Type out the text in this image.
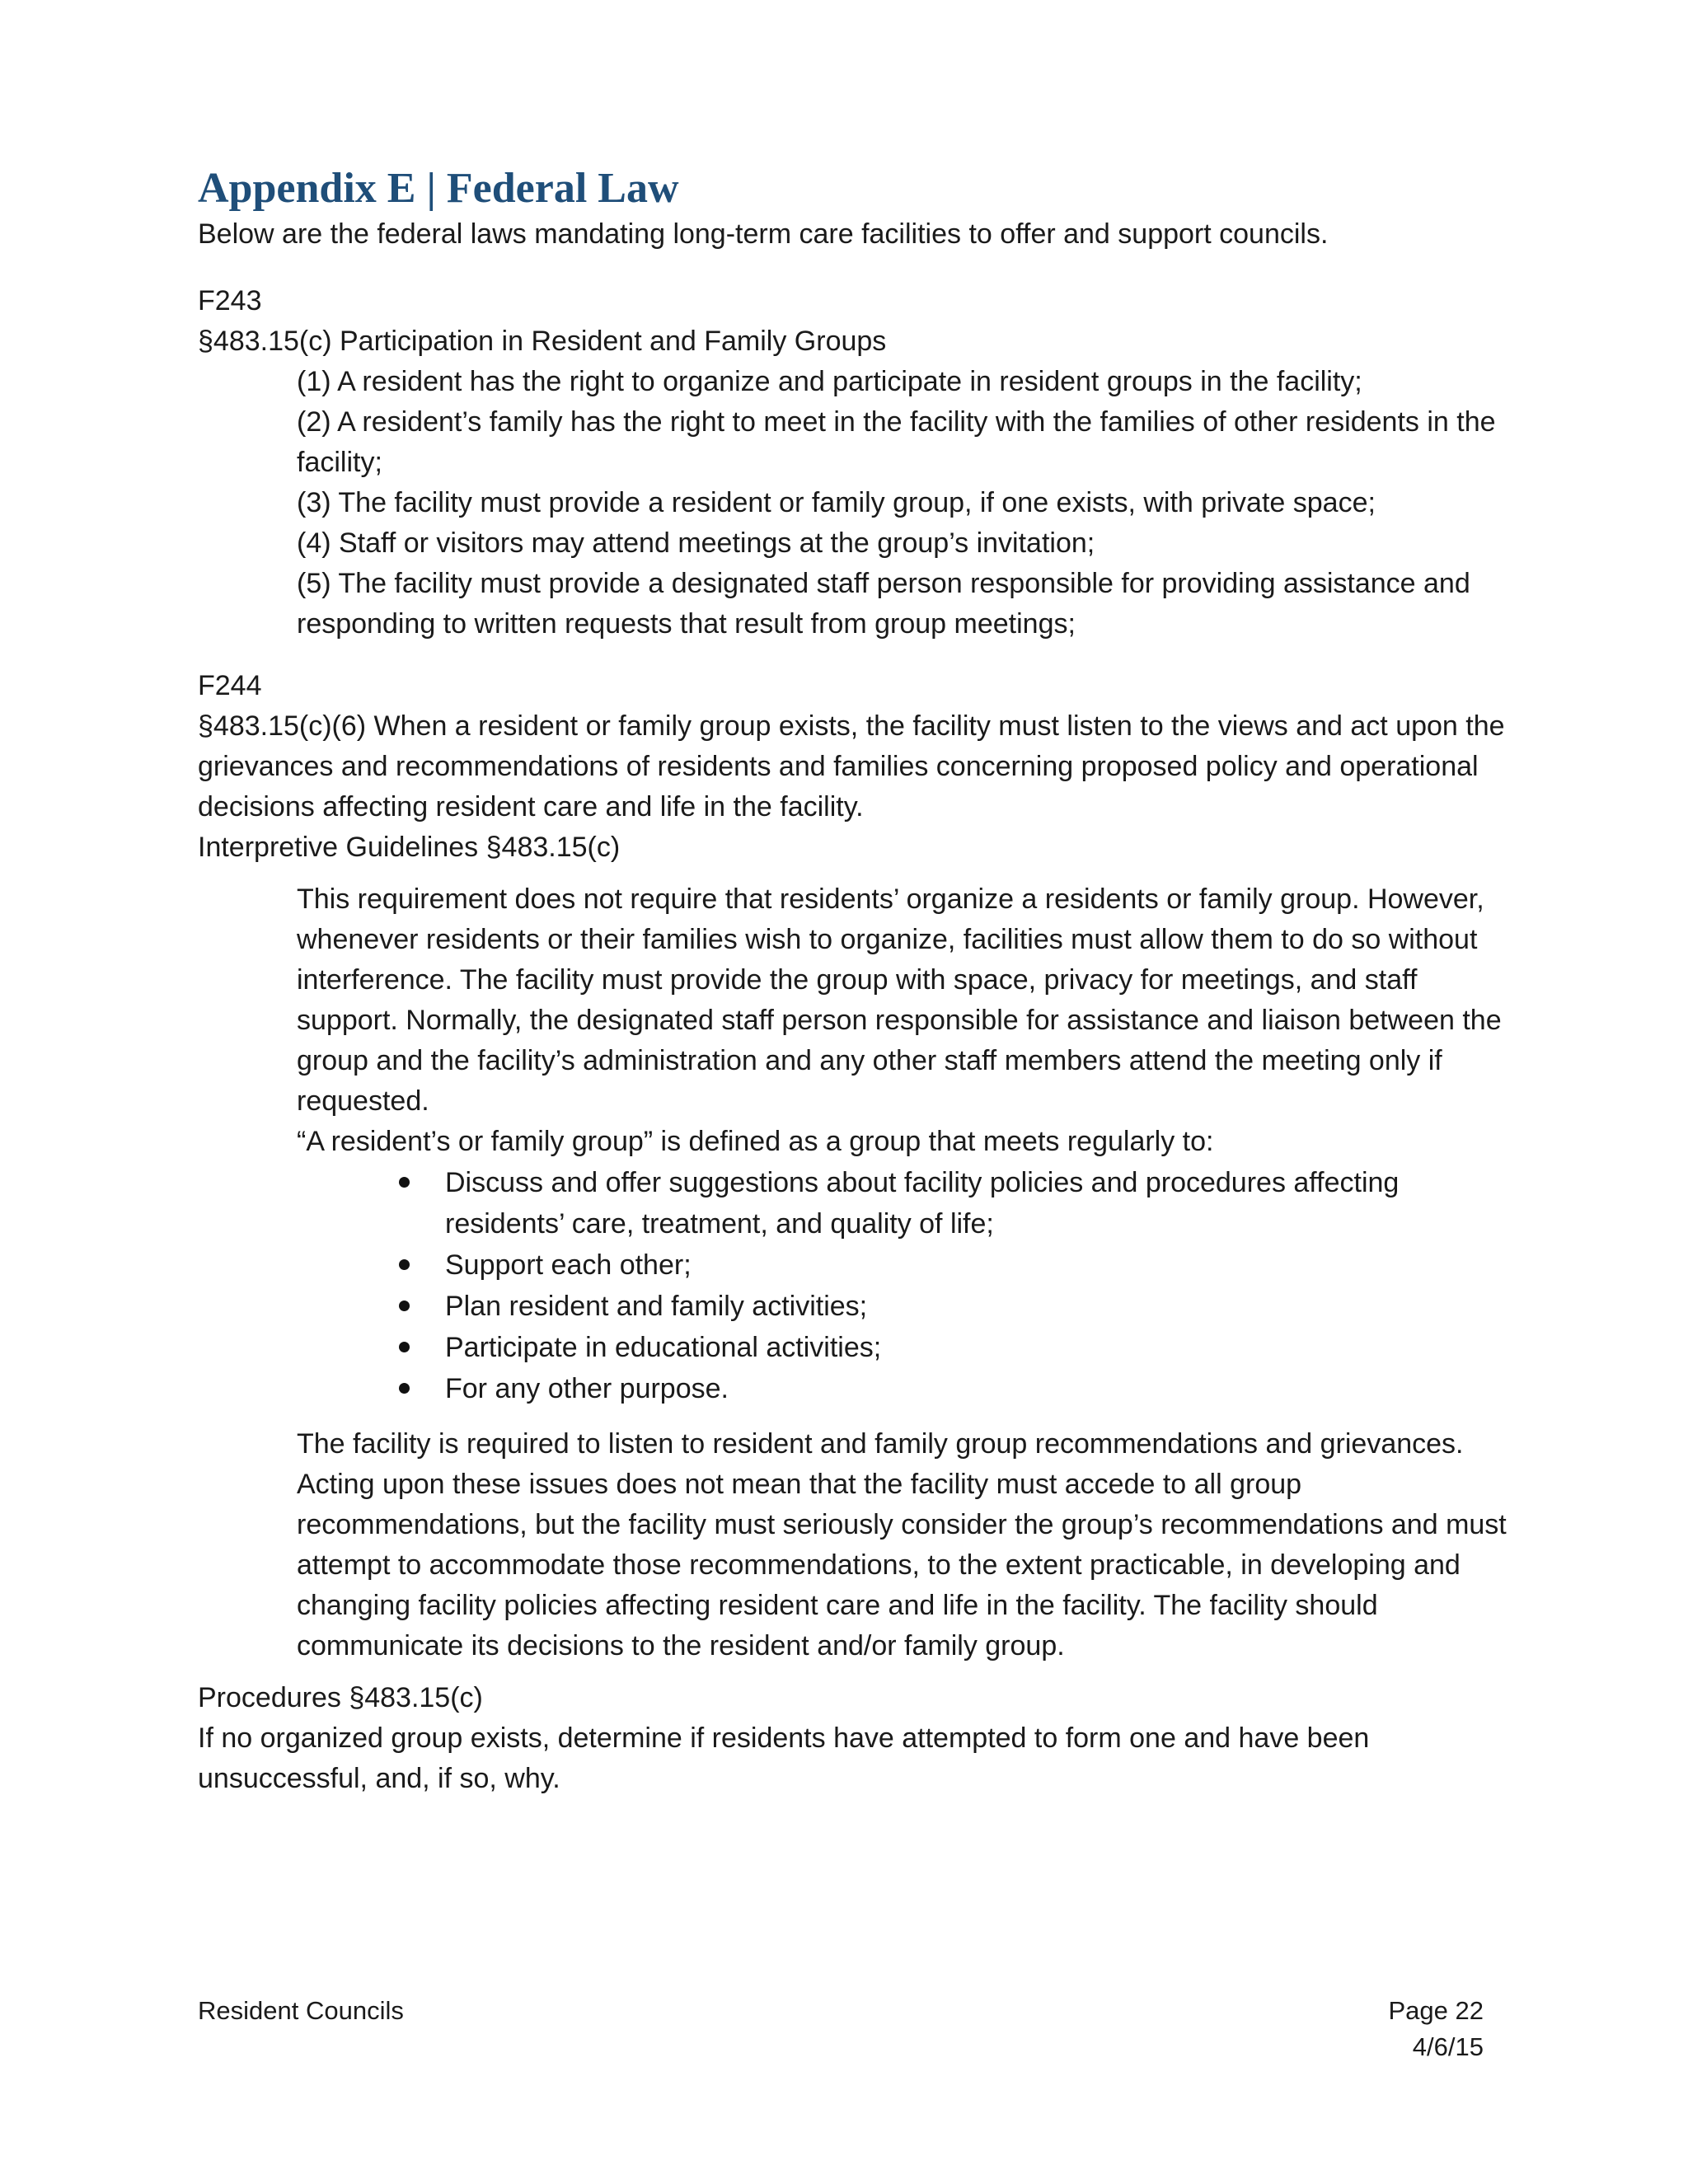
Appendix E | Federal Law

Below are the federal laws mandating long-term care facilities to offer and support councils.

F243

§483.15(c) Participation in Resident and Family Groups

(1) A resident has the right to organize and participate in resident groups in the facility;

(2) A resident’s family has the right to meet in the facility with the families of other residents in the facility;

(3) The facility must provide a resident or family group, if one exists, with private space;

(4) Staff or visitors may attend meetings at the group’s invitation;

(5) The facility must provide a designated staff person responsible for providing assistance and responding to written requests that result from group meetings;

F244

§483.15(c)(6) When a resident or family group exists, the facility must listen to the views and act upon the grievances and recommendations of residents and families concerning proposed policy and operational decisions affecting resident care and life in the facility.

Interpretive Guidelines §483.15(c)

This requirement does not require that residents’ organize a residents or family group. However, whenever residents or their families wish to organize, facilities must allow them to do so without interference. The facility must provide the group with space, privacy for meetings, and staff support. Normally, the designated staff person responsible for assistance and liaison between the group and the facility’s administration and any other staff members attend the meeting only if requested.

“A resident’s or family group” is defined as a group that meets regularly to:

Discuss and offer suggestions about facility policies and procedures affecting residents’ care, treatment, and quality of life;
Support each other;
Plan resident and family activities;
Participate in educational activities;
For any other purpose.

The facility is required to listen to resident and family group recommendations and grievances. Acting upon these issues does not mean that the facility must accede to all group recommendations, but the facility must seriously consider the group’s recommendations and must attempt to accommodate those recommendations, to the extent practicable, in developing and changing facility policies affecting resident care and life in the facility. The facility should communicate its decisions to the resident and/or family group.

Procedures §483.15(c)

If no organized group exists, determine if residents have attempted to form one and have been unsuccessful, and, if so, why.

Resident Councils	Page 22
4/6/15
